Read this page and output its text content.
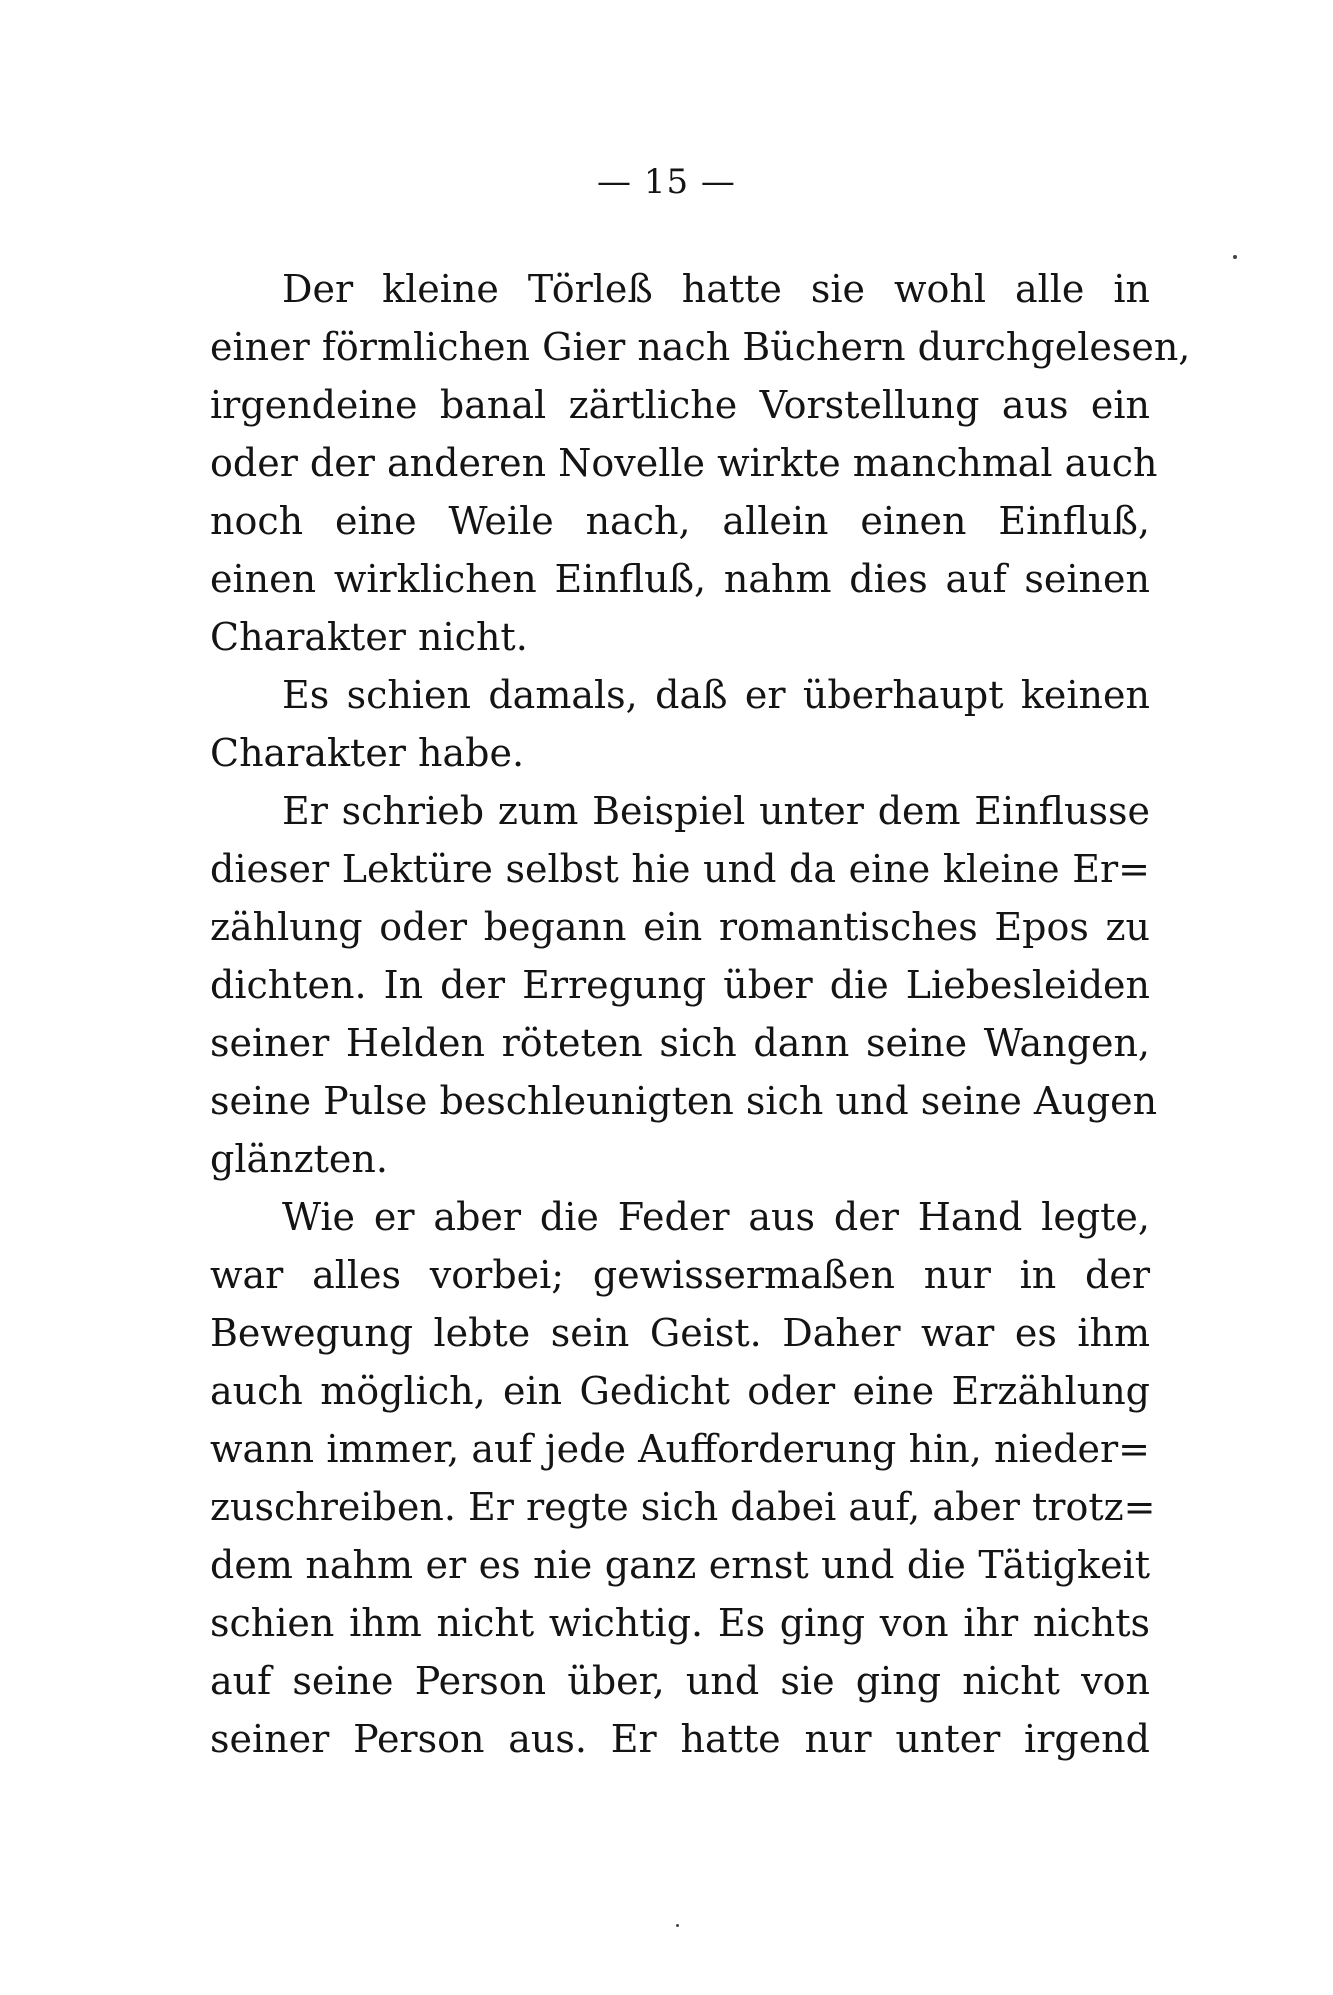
— 15 —
Der kleine Törleß hatte sie wohl alle in
einer förmlichen Gier nach Büchern durchgelesen,
irgendeine banal zärtliche Vorstellung aus ein
oder der anderen Novelle wirkte manchmal auch
noch eine Weile nach, allein einen Einfluß,
einen wirklichen Einfluß, nahm dies auf seinen
Charakter nicht.
Es schien damals, daß er überhaupt keinen
Charakter habe.
Er schrieb zum Beispiel unter dem Einflusse
dieser Lektüre selbst hie und da eine kleine Er=
zählung oder begann ein romantisches Epos zu
dichten. In der Erregung über die Liebesleiden
seiner Helden röteten sich dann seine Wangen,
seine Pulse beschleunigten sich und seine Augen
glänzten.
Wie er aber die Feder aus der Hand legte,
war alles vorbei; gewissermaßen nur in der
Bewegung lebte sein Geist. Daher war es ihm
auch möglich, ein Gedicht oder eine Erzählung
wann immer, auf jede Aufforderung hin, nieder=
zuschreiben. Er regte sich dabei auf, aber trotz=
dem nahm er es nie ganz ernst und die Tätigkeit
schien ihm nicht wichtig. Es ging von ihr nichts
auf seine Person über, und sie ging nicht von
seiner Person aus. Er hatte nur unter irgend
